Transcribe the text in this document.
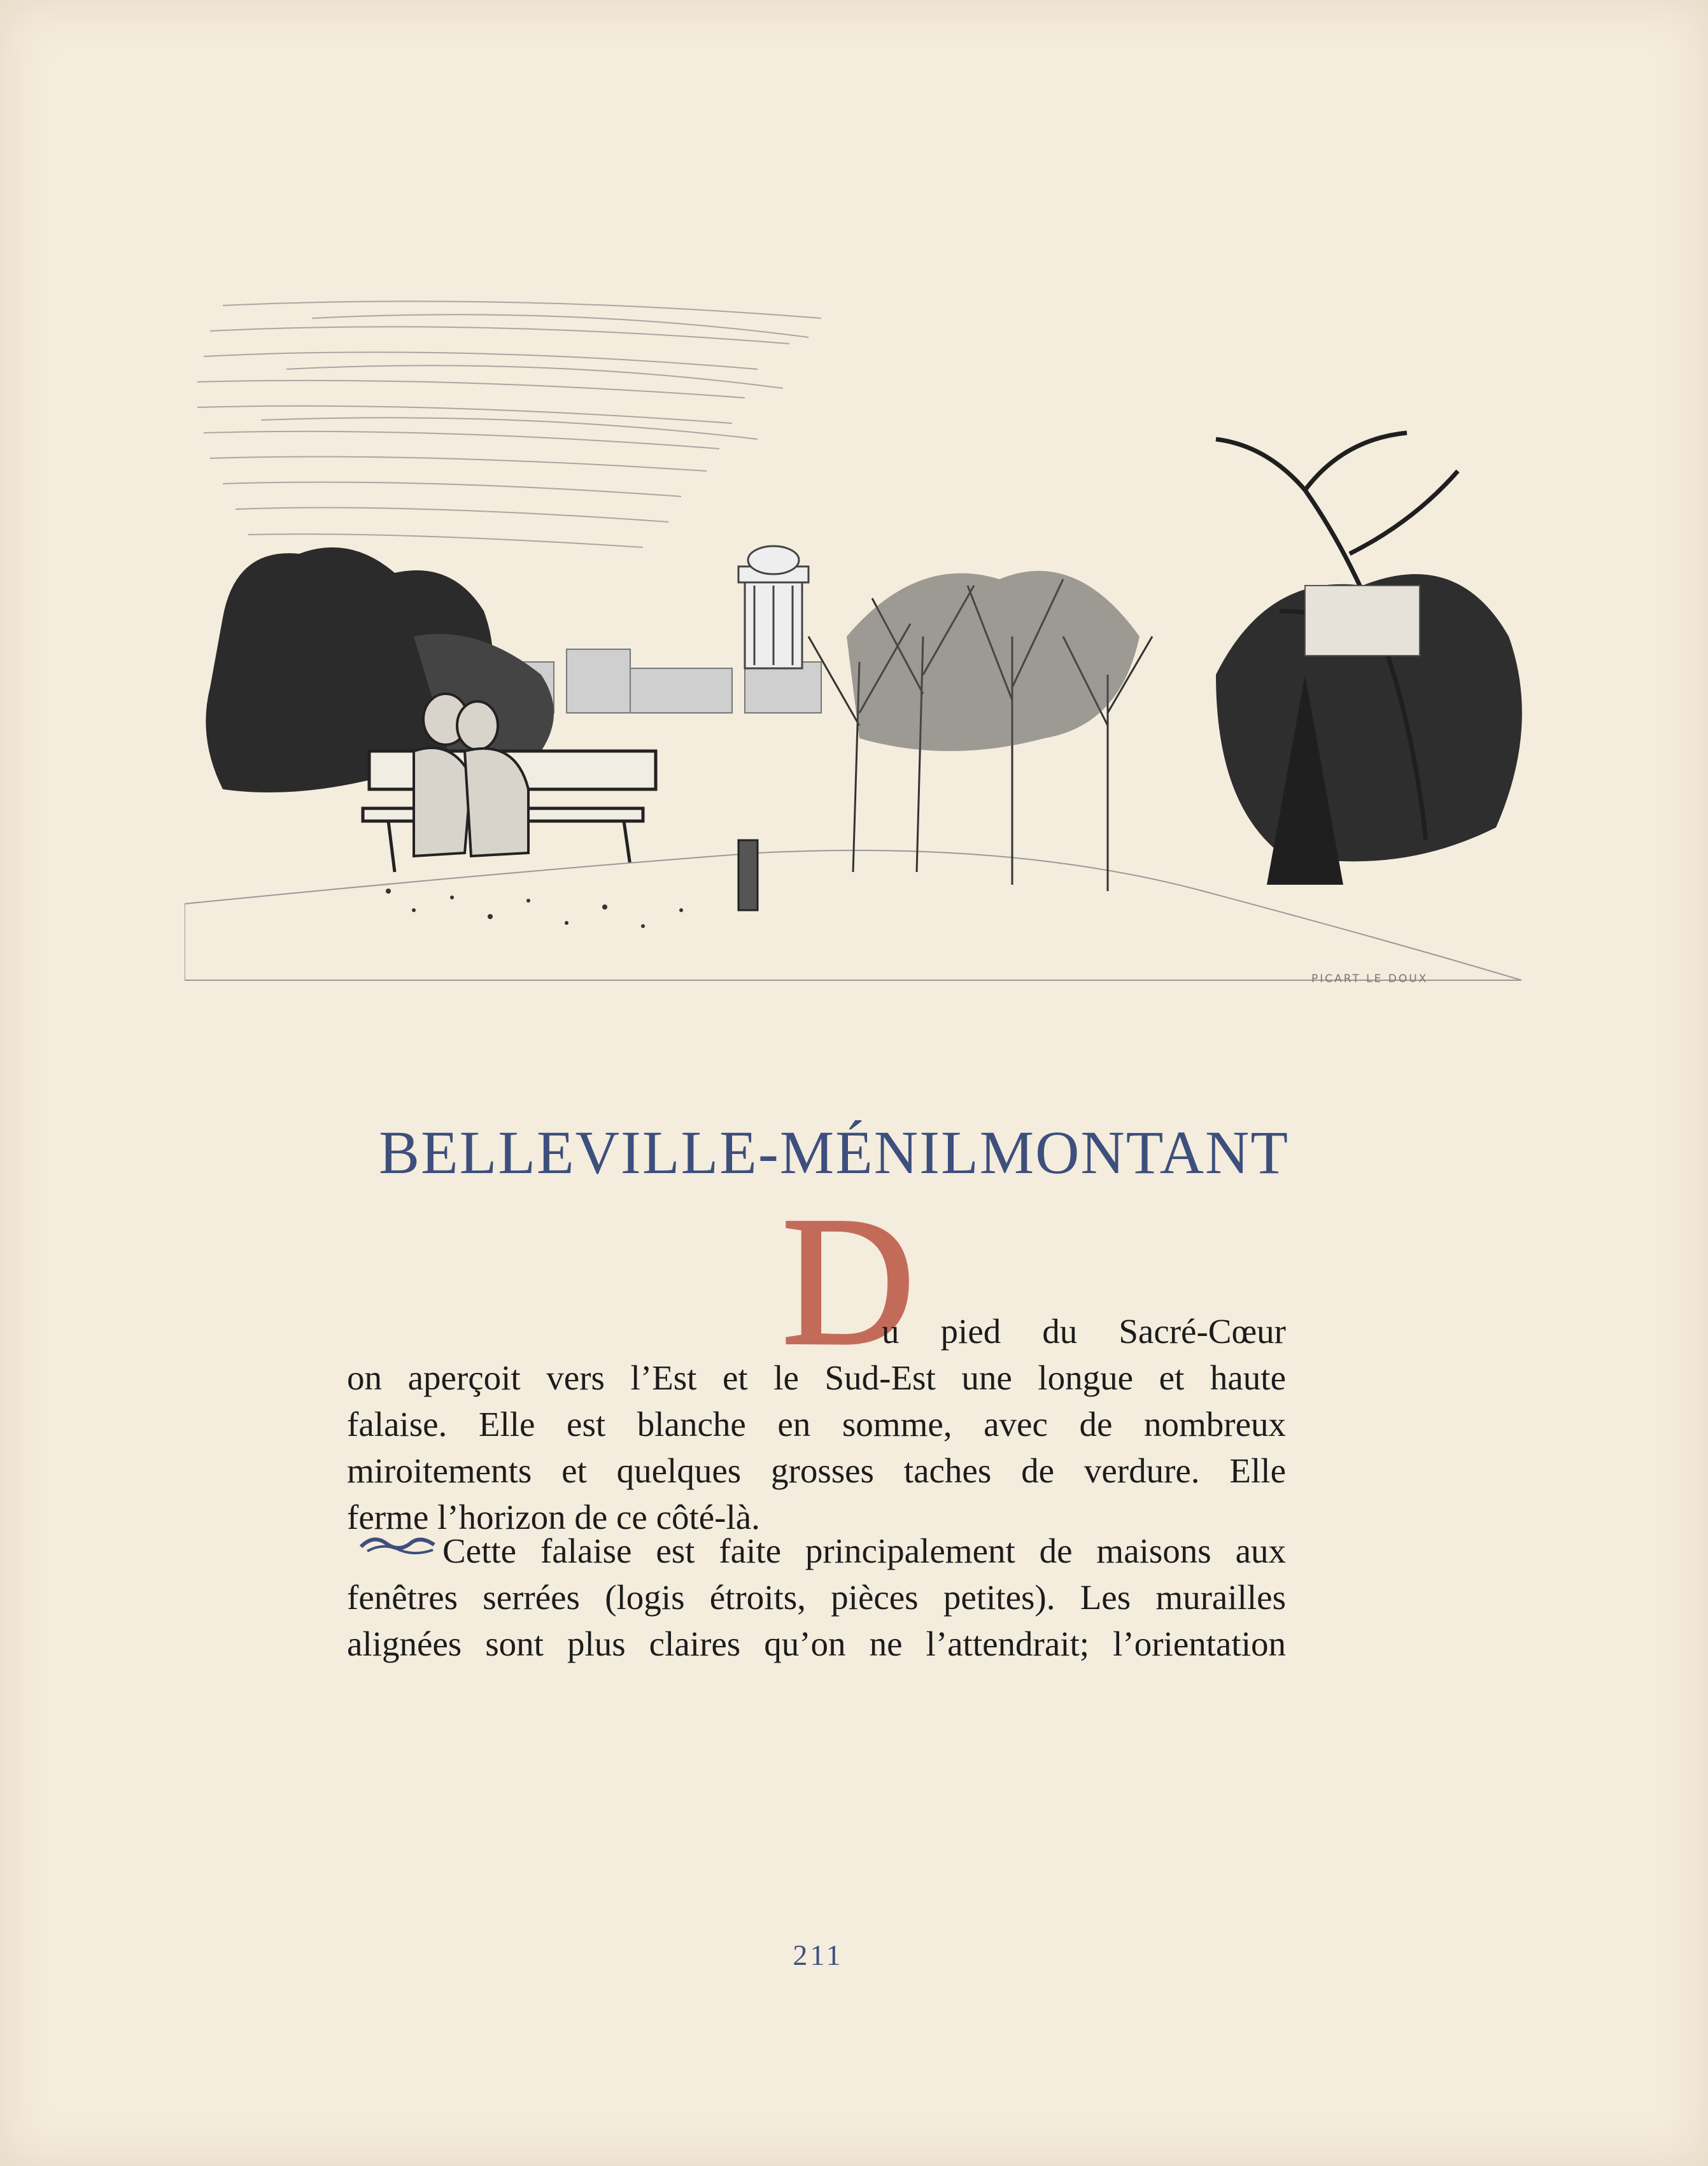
PICART LE DOUX
BELLEVILLE-MÉNILMONTANT
D
u pied du Sacré-Cœur
on aperçoit vers l’Est et le Sud-Est une longue et haute
falaise. Elle est blanche en somme, avec de nombreux
miroitements et quelques grosses taches de verdure. Elle
ferme l’horizon de ce côté-là.
Cette falaise est faite principalement de maisons aux
fenêtres serrées (logis étroits, pièces petites). Les murailles
alignées sont plus claires qu’on ne l’attendrait; l’orientation
211
